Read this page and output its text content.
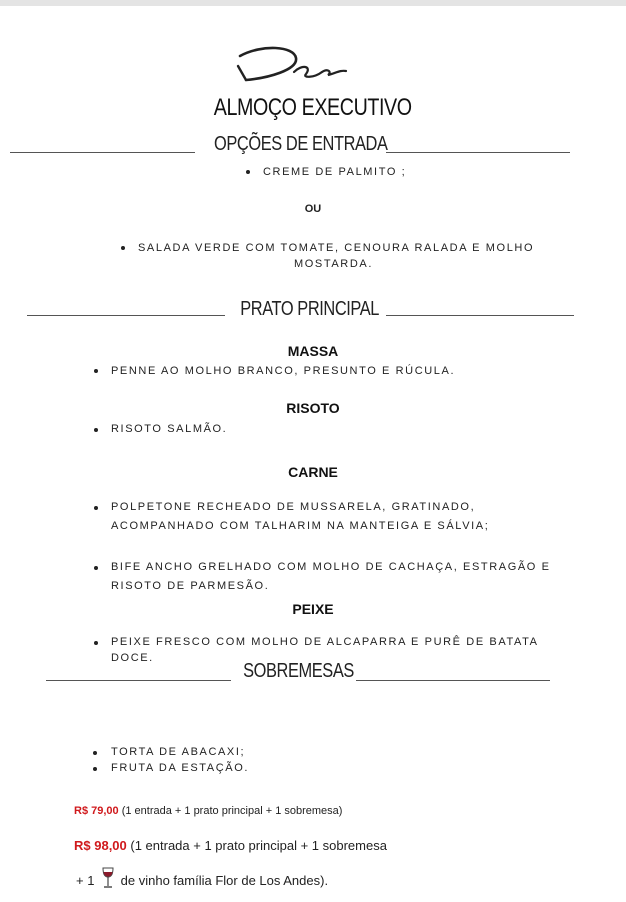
ALMOÇO EXECUTIVO
OPÇÕES DE ENTRADA
CREME DE PALMITO ;
OU
SALADA VERDE COM TOMATE, CENOURA RALADA E MOLHO
MOSTARDA.
PRATO PRINCIPAL
MASSA
PENNE AO MOLHO BRANCO, PRESUNTO E RÚCULA.
RISOTO
RISOTO SALMÃO.
CARNE
POLPETONE RECHEADO DE MUSSARELA, GRATINADO,
ACOMPANHADO COM TALHARIM NA MANTEIGA E SÁLVIA;
BIFE ANCHO GRELHADO COM MOLHO DE CACHAÇA, ESTRAGÃO E
RISOTO DE PARMESÃO.
PEIXE
PEIXE FRESCO COM MOLHO DE ALCAPARRA E PURÊ DE BATATA
DOCE.
SOBREMESAS
TORTA DE ABACAXI;
FRUTA DA ESTAÇÃO.
R$ 79,00 (1 entrada + 1 prato principal + 1 sobremesa)
R$ 98,00 (1 entrada + 1 prato principal + 1 sobremesa
+ 1  de vinho família Flor de Los Andes).
